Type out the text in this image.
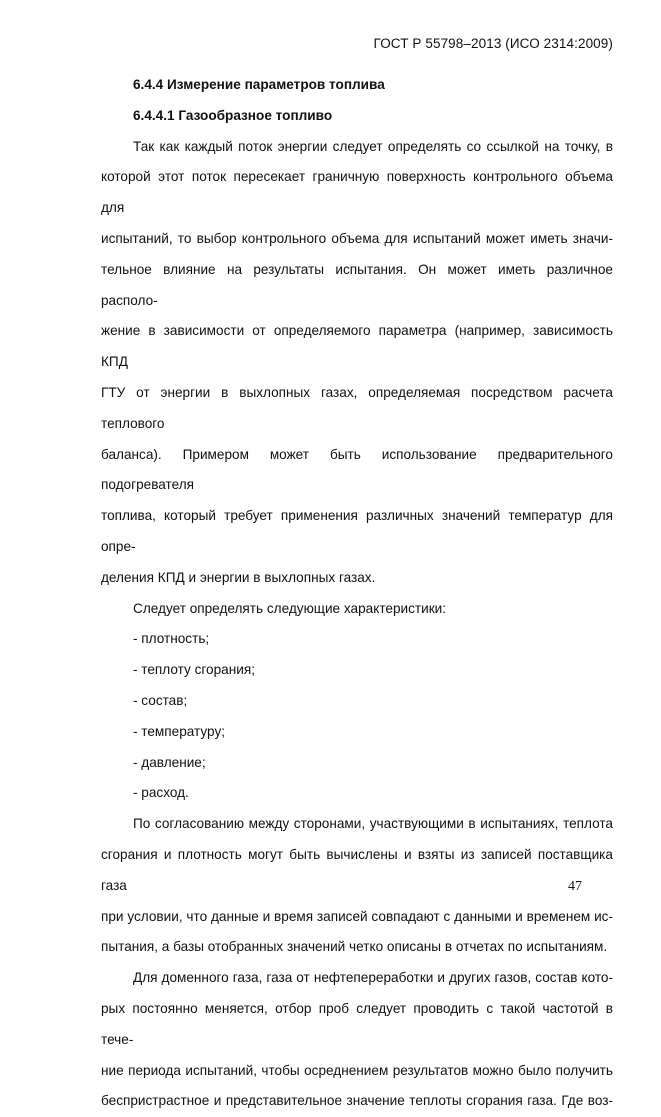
ГОСТ Р 55798–2013 (ИСО 2314:2009)

6.4.4 Измерение параметров топлива

6.4.4.1 Газообразное топливо

Так как каждый поток энергии следует определять со ссылкой на точку, в
которой этот поток пересекает граничную поверхность контрольного объема для
испытаний, то выбор контрольного объема для испытаний может иметь значи-
тельное влияние на результаты испытания. Он может иметь различное располо-
жение в зависимости от определяемого параметра (например, зависимость КПД
ГТУ от энергии в выхлопных газах, определяемая посредством расчета теплового
баланса). Примером может быть использование предварительного подогревателя
топлива, который требует применения различных значений температур для опре-
деления КПД и энергии в выхлопных газах.

Следует определять следующие характеристики:

- плотность;

- теплоту сгорания;

- состав;

- температуру;

- давление;

- расход.

По согласованию между сторонами, участвующими в испытаниях, теплота
сгорания и плотность могут быть вычислены и взяты из записей поставщика газа
при условии, что данные и время записей совпадают с данными и временем ис-
пытания, а базы отобранных значений четко описаны в отчетах по испытаниям.
Для доменного газа, газа от нефтепереработки и других газов, состав кото-
рых постоянно меняется, отбор проб следует проводить с такой частотой в тече-
ние периода испытаний, чтобы осреднением результатов можно было получить
беспристрастное и представительное значение теплоты сгорания газа. Где воз-
47
